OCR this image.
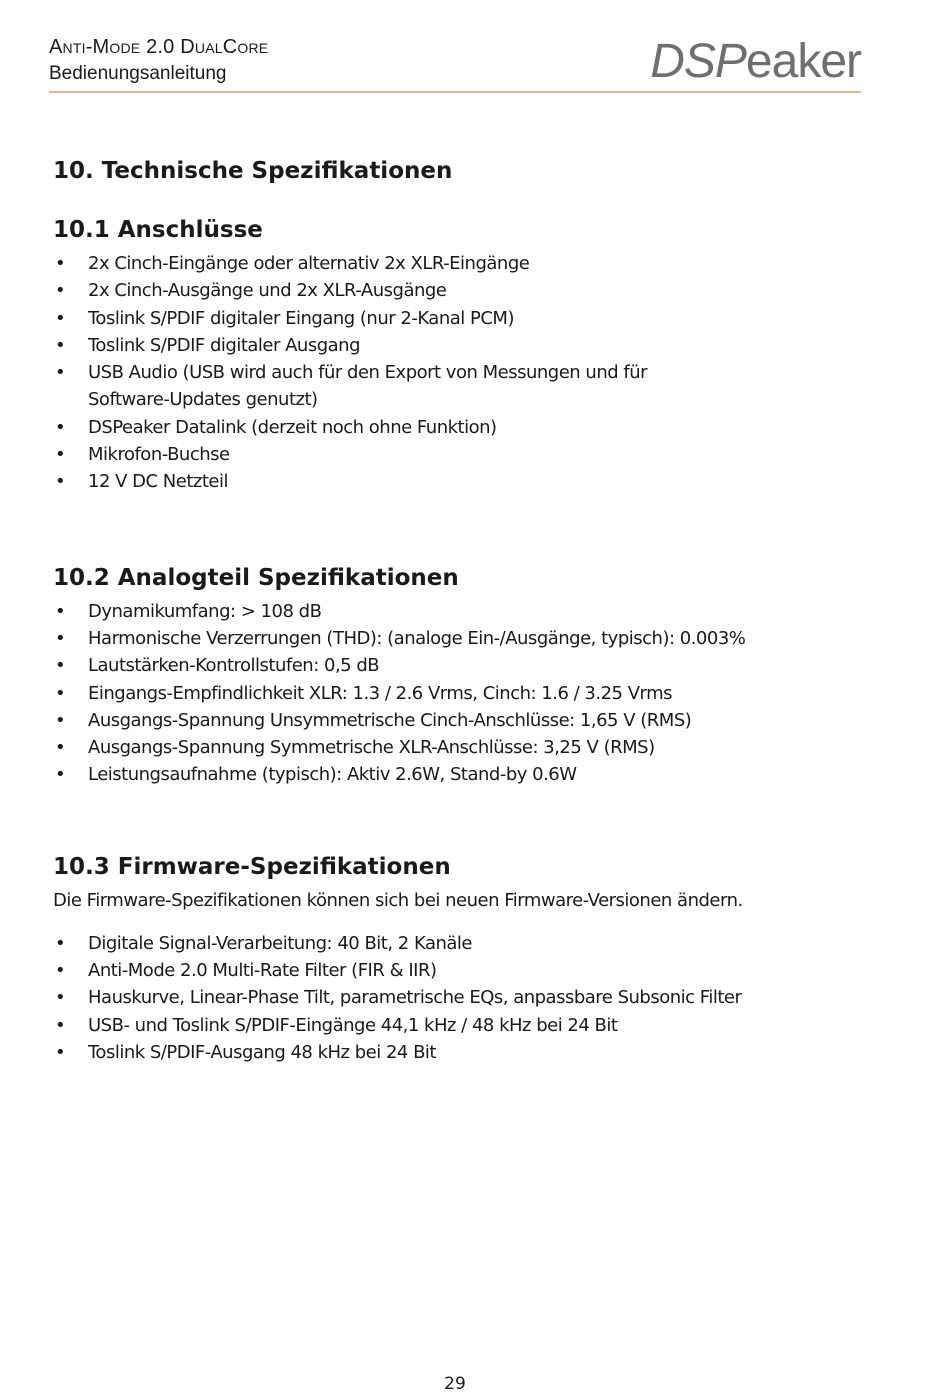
Anti-Mode 2.0 DualCore
Bedienungsanleitung	DSPeaker
10. Technische Spezifikationen
10.1 Anschlüsse
• 2x Cinch-Eingänge oder alternativ 2x XLR-Eingänge
• 2x Cinch-Ausgänge und 2x XLR-Ausgänge
• Toslink S/PDIF digitaler Eingang (nur 2-Kanal PCM)
• Toslink S/PDIF digitaler Ausgang
• USB Audio (USB wird auch für den Export von Messungen und für Software-Updates genutzt)
• DSPeaker Datalink (derzeit noch ohne Funktion)
• Mikrofon-Buchse
• 12 V DC Netzteil
10.2 Analogteil Spezifikationen
• Dynamikumfang: > 108 dB
• Harmonische Verzerrungen (THD): (analoge Ein-/Ausgänge, typisch): 0.003%
• Lautstärken-Kontrollstufen: 0,5 dB
• Eingangs-Empfindlichkeit XLR: 1.3 / 2.6 Vrms, Cinch: 1.6 / 3.25 Vrms
• Ausgangs-Spannung Unsymmetrische Cinch-Anschlüsse: 1,65 V (RMS)
• Ausgangs-Spannung Symmetrische XLR-Anschlüsse: 3,25 V (RMS)
• Leistungsaufnahme (typisch): Aktiv 2.6W, Stand-by 0.6W
10.3 Firmware-Spezifikationen

Die Firmware-Spezifikationen können sich bei neuen Firmware-Versionen ändern.

• Digitale Signal-Verarbeitung: 40 Bit, 2 Kanäle
• Anti-Mode 2.0 Multi-Rate Filter (FIR & IIR)
• Hauskurve, Linear-Phase Tilt, parametrische EQs, anpassbare Subsonic Filter
• USB- und Toslink S/PDIF-Eingänge 44,1 kHz / 48 kHz bei 24 Bit
• Toslink S/PDIF-Ausgang 48 kHz bei 24 Bit
29
